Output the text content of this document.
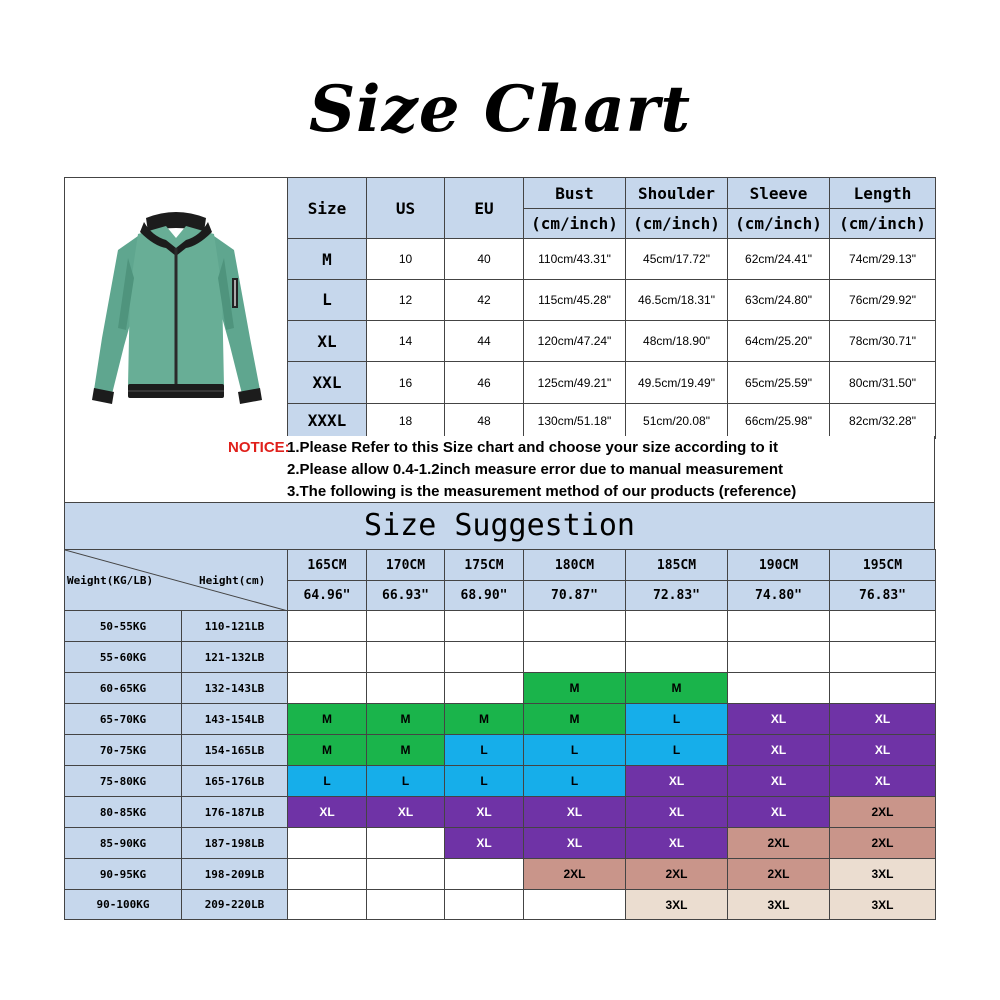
Size Chart
	Size	US	EU	Bust	Shoulder	Sleeve	Length
				(cm/inch)	(cm/inch)	(cm/inch)	(cm/inch)
	M	10	40	110cm/43.31"	45cm/17.72"	62cm/24.41"	74cm/29.13"
	L	12	42	115cm/45.28"	46.5cm/18.31"	63cm/24.80"	76cm/29.92"
	XL	14	44	120cm/47.24"	48cm/18.90"	64cm/25.20"	78cm/30.71"
	XXL	16	46	125cm/49.21"	49.5cm/19.49"	65cm/25.59"	80cm/31.50"
	XXXL	18	48	130cm/51.18"	51cm/20.08"	66cm/25.98"	82cm/32.28"
NOTICE:
1.Please Refer to this Size chart and choose your size according to it
2.Please allow 0.4-1.2inch measure error due to manual measurement
3.The following is the measurement method of our products (reference)
Size Suggestion
Weight(KG/LB) Height(cm)		165CM	170CM	175CM	180CM	185CM	190CM	195CM
		64.96"	66.93"	68.90"	70.87"	72.83"	74.80"	76.83"
50-55KG	110-121LB							
55-60KG	121-132LB							
60-65KG	132-143LB				M	M		
65-70KG	143-154LB	M	M	M	M	L	XL	XL
70-75KG	154-165LB	M	M	L	L	L	XL	XL
75-80KG	165-176LB	L	L	L	L	XL	XL	XL
80-85KG	176-187LB	XL	XL	XL	XL	XL	XL	2XL
85-90KG	187-198LB			XL	XL	XL	2XL	2XL
90-95KG	198-209LB				2XL	2XL	2XL	3XL
90-100KG	209-220LB					3XL	3XL	3XL
